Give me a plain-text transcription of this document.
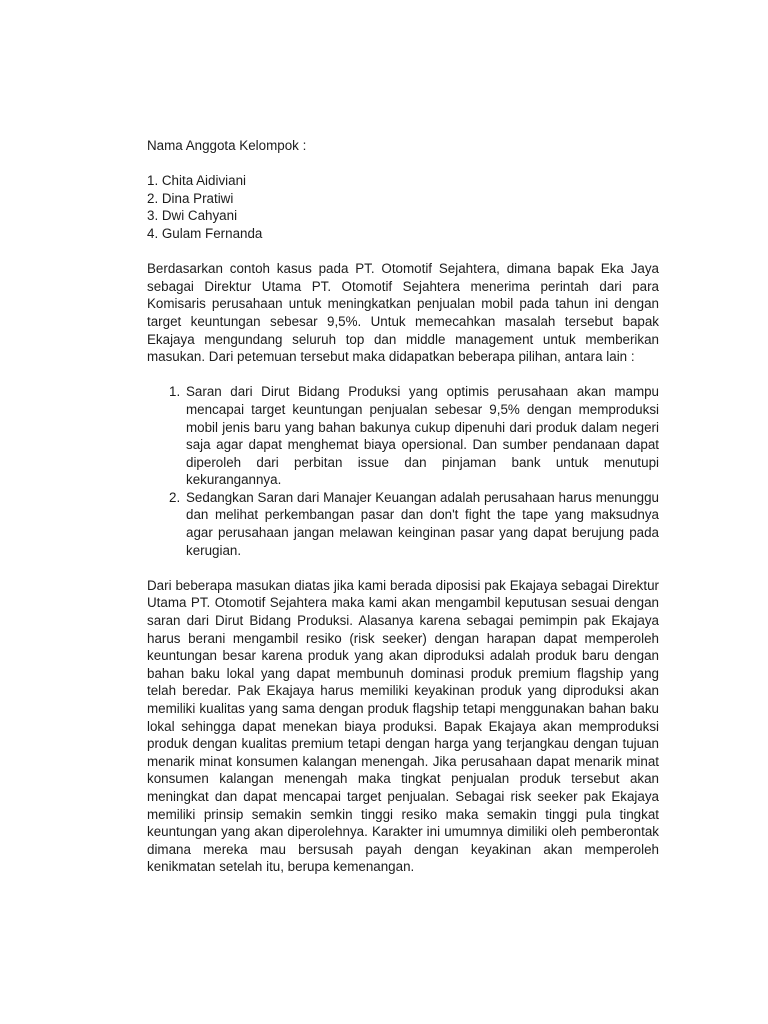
Nama Anggota Kelompok :

1. Chita Aidiviani
2. Dina Pratiwi
3. Dwi Cahyani
4. Gulam Fernanda

Berdasarkan contoh kasus pada PT. Otomotif Sejahtera, dimana bapak Eka Jaya sebagai Direktur Utama PT. Otomotif Sejahtera menerima perintah dari para Komisaris perusahaan untuk meningkatkan penjualan mobil pada tahun ini dengan target keuntungan sebesar 9,5%. Untuk memecahkan masalah tersebut bapak Ekajaya mengundang seluruh top dan middle management untuk memberikan masukan. Dari petemuan tersebut maka didapatkan beberapa pilihan, antara lain :

1. Saran dari Dirut Bidang Produksi yang optimis perusahaan akan mampu mencapai target keuntungan penjualan sebesar 9,5% dengan memproduksi mobil jenis baru yang bahan bakunya cukup dipenuhi dari produk dalam negeri saja agar dapat menghemat biaya opersional. Dan sumber pendanaan dapat diperoleh dari perbitan issue dan pinjaman bank untuk menutupi kekurangannya.
2. Sedangkan Saran dari Manajer Keuangan adalah perusahaan harus menunggu dan melihat perkembangan pasar dan don't fight the tape yang maksudnya agar perusahaan jangan melawan keinginan pasar yang dapat berujung pada kerugian.

Dari beberapa masukan diatas jika kami berada diposisi pak Ekajaya sebagai Direktur Utama PT. Otomotif Sejahtera maka kami akan mengambil keputusan sesuai dengan saran dari Dirut Bidang Produksi. Alasanya karena sebagai pemimpin pak Ekajaya harus berani mengambil resiko (risk seeker) dengan harapan dapat memperoleh keuntungan besar karena produk yang akan diproduksi adalah produk baru dengan bahan baku lokal yang dapat membunuh dominasi produk premium flagship yang telah beredar. Pak Ekajaya harus memiliki keyakinan produk yang diproduksi akan memiliki kualitas yang sama dengan produk flagship tetapi menggunakan bahan baku lokal sehingga dapat menekan biaya produksi. Bapak Ekajaya akan memproduksi produk dengan kualitas premium tetapi dengan harga yang terjangkau dengan tujuan menarik minat konsumen kalangan menengah. Jika perusahaan dapat menarik minat konsumen kalangan menengah maka tingkat penjualan produk tersebut akan meningkat dan dapat mencapai target penjualan. Sebagai risk seeker pak Ekajaya memiliki prinsip semakin semkin tinggi resiko maka semakin tinggi pula tingkat keuntungan yang akan diperolehnya. Karakter ini umumnya dimiliki oleh pemberontak dimana mereka mau bersusah payah dengan keyakinan akan memperoleh kenikmatan setelah itu, berupa kemenangan.
